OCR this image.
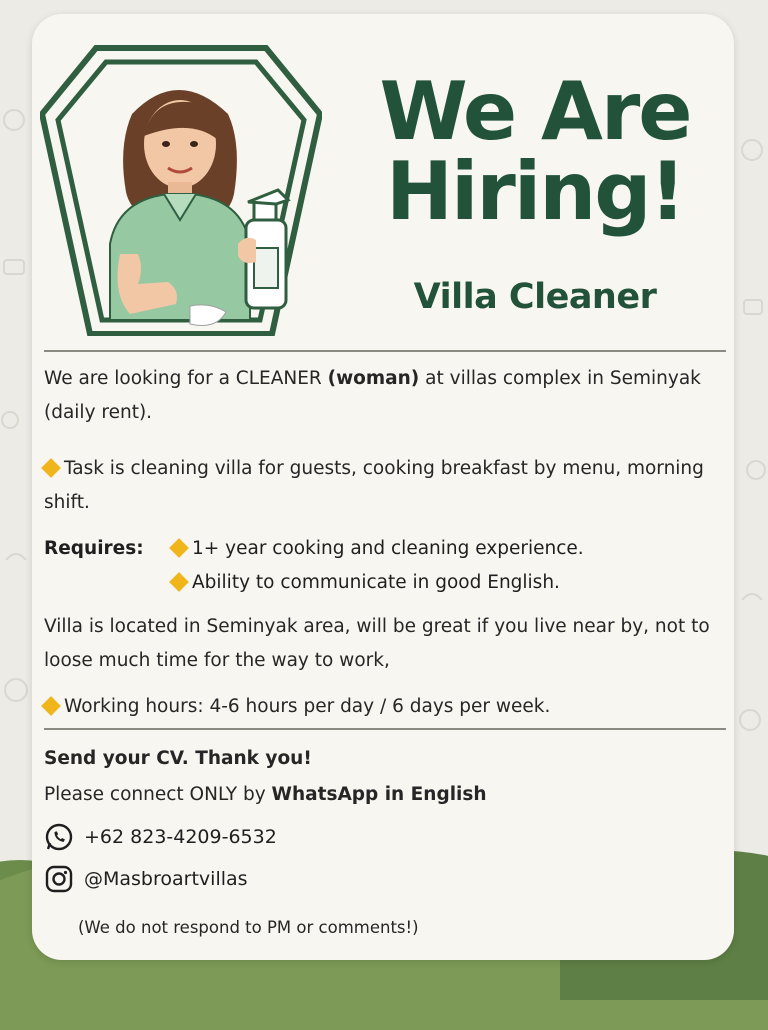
We Are
Hiring!
Villa Cleaner
We are looking for a CLEANER (woman) at villas complex in Seminyak (daily rent).
Task is cleaning villa for guests, cooking breakfast by menu, morning shift.
Requires:	1+ year cooking and cleaning experience.
Ability to communicate in good English.
Villa is located in Seminyak area, will be great if you live near by, not to loose much time for the way to work,
Working hours: 4-6 hours per day / 6 days per week.
Send your CV. Thank you!
Please connect ONLY by WhatsApp in English
+62 823-4209-6532
@Masbroartvillas
(We do not respond to PM or comments!)
